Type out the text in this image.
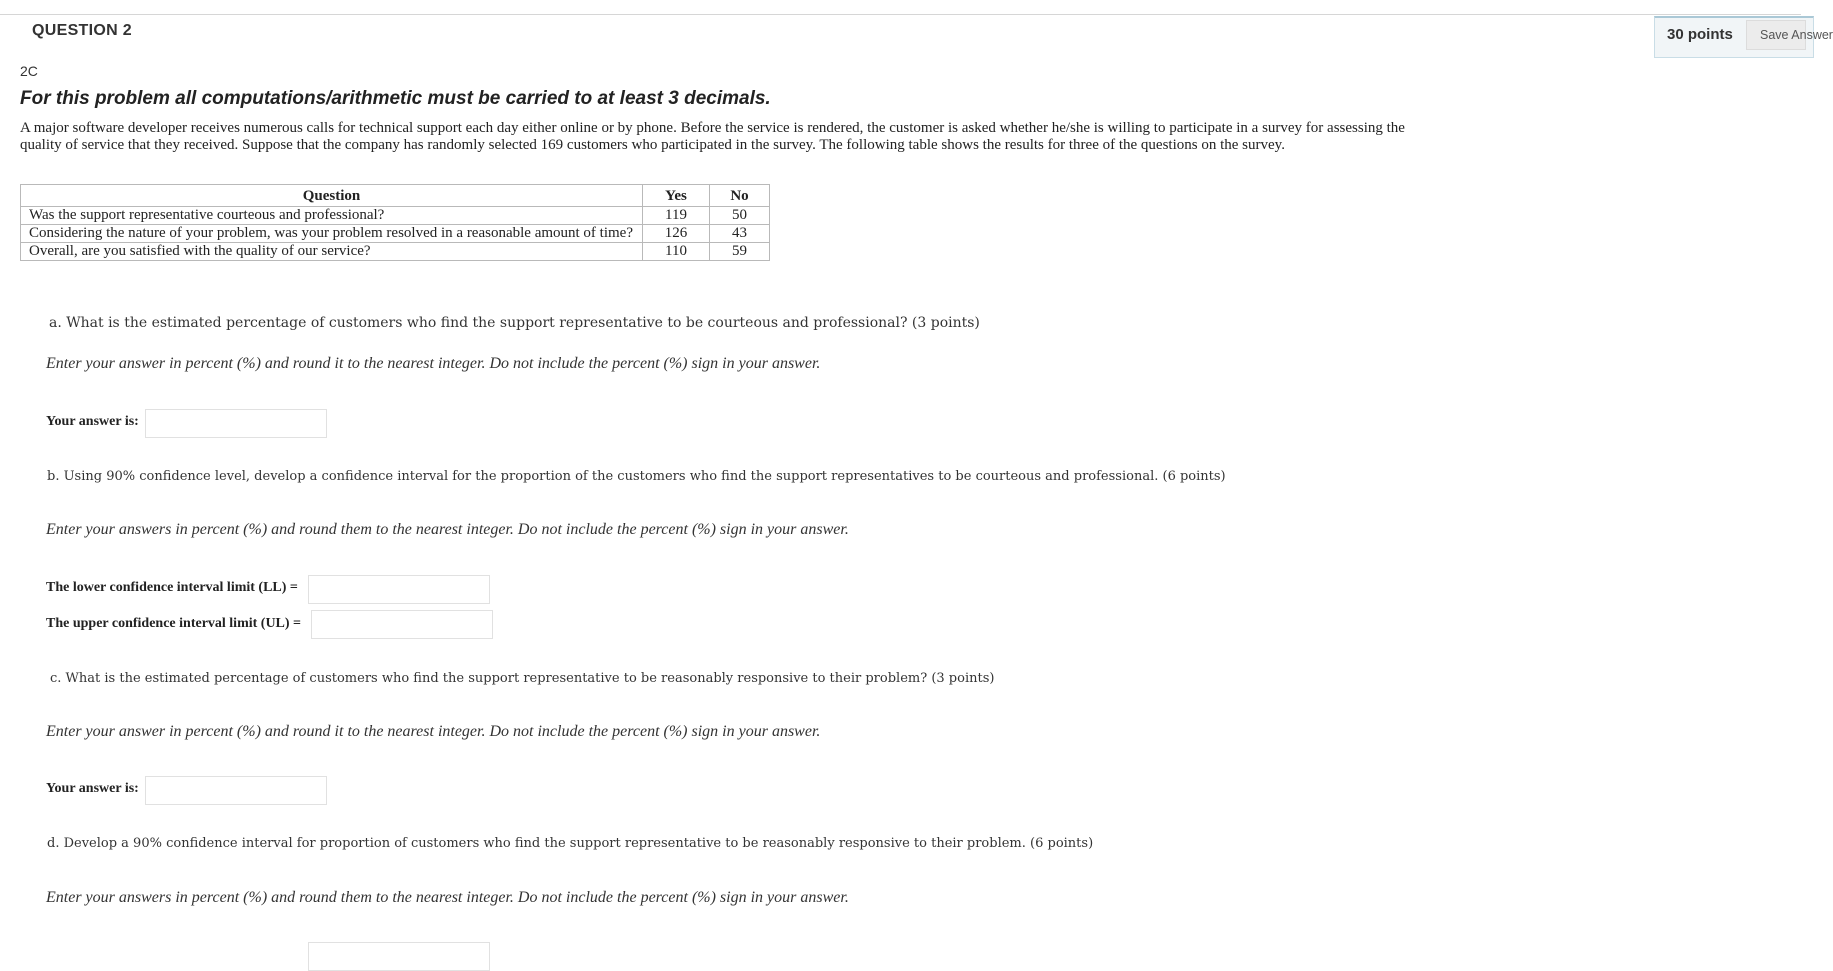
QUESTION 2	30 points	Save Answer
2C
For this problem all computations/arithmetic must be carried to at least 3 decimals.
A major software developer receives numerous calls for technical support each day either online or by phone. Before the service is rendered, the customer is asked whether he/she is willing to participate in a survey for assessing the quality of service that they received. Suppose that the company has randomly selected 169 customers who participated in the survey. The following table shows the results for three of the questions on the survey.
Question	Yes	No
Was the support representative courteous and professional?	119	50
Considering the nature of your problem, was your problem resolved in a reasonable amount of time?	126	43
Overall, are you satisfied with the quality of our service?	110	59
a. What is the estimated percentage of customers who find the support representative to be courteous and professional? (3 points)
Enter your answer in percent (%) and round it to the nearest integer. Do not include the percent (%) sign in your answer.
Your answer is:
b. Using 90% confidence level, develop a confidence interval for the proportion of the customers who find the support representatives to be courteous and professional. (6 points)
Enter your answers in percent (%) and round them to the nearest integer. Do not include the percent (%) sign in your answer.
The lower confidence interval limit (LL) =
The upper confidence interval limit (UL) =
c. What is the estimated percentage of customers who find the support representative to be reasonably responsive to their problem? (3 points)
Enter your answer in percent (%) and round it to the nearest integer. Do not include the percent (%) sign in your answer.
Your answer is:
d. Develop a 90% confidence interval for proportion of customers who find the support representative to be reasonably responsive to their problem. (6 points)
Enter your answers in percent (%) and round them to the nearest integer. Do not include the percent (%) sign in your answer.
